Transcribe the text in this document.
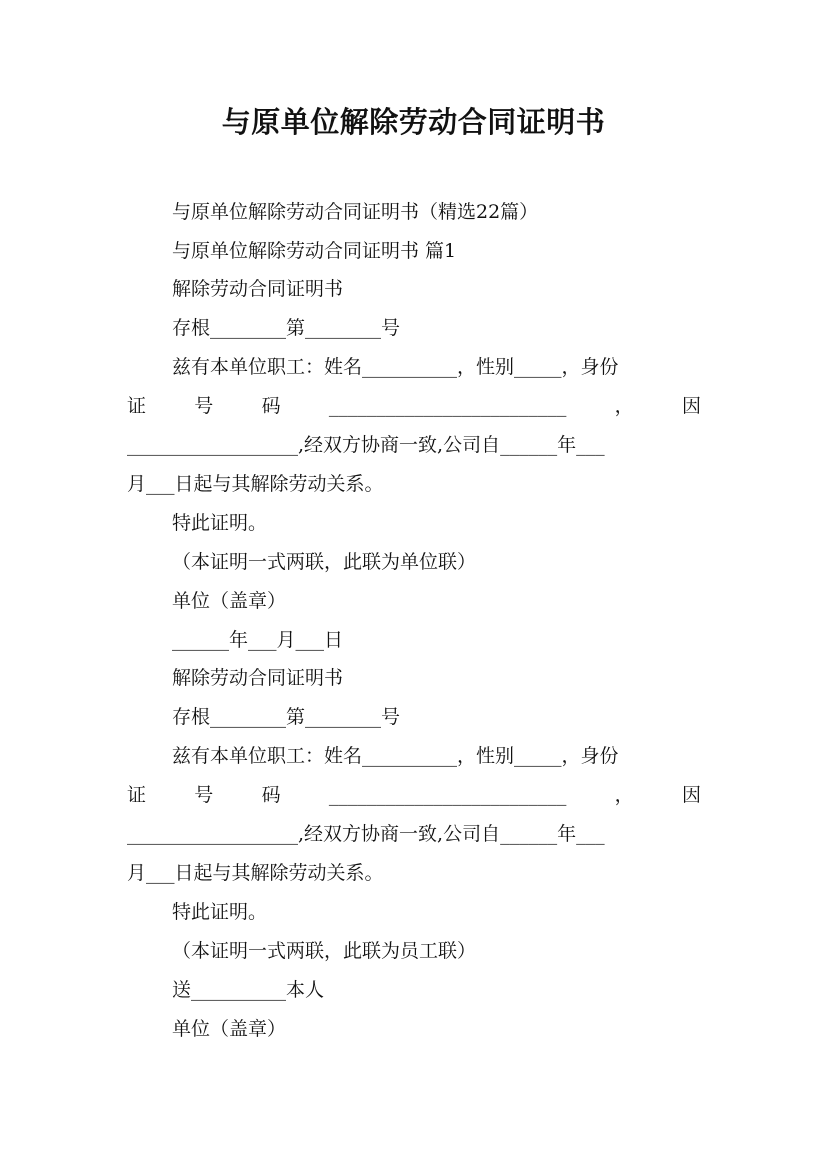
与原单位解除劳动合同证明书
与原单位解除劳动合同证明书（精选22篇）
与原单位解除劳动合同证明书 篇1
解除劳动合同证明书
存根________第________号
兹有本单位职工：姓名__________，性别_____，身份
证	号	码	_________________________	，	因
__________________,经双方协商一致,公司自______年___
月___日起与其解除劳动关系。
特此证明。
（本证明一式两联，此联为单位联）
单位（盖章）
______年___月___日
解除劳动合同证明书
存根________第________号
兹有本单位职工：姓名__________，性别_____，身份
证	号	码	_________________________	，	因
__________________,经双方协商一致,公司自______年___
月___日起与其解除劳动关系。
特此证明。
（本证明一式两联，此联为员工联）
送__________本人
单位（盖章）
